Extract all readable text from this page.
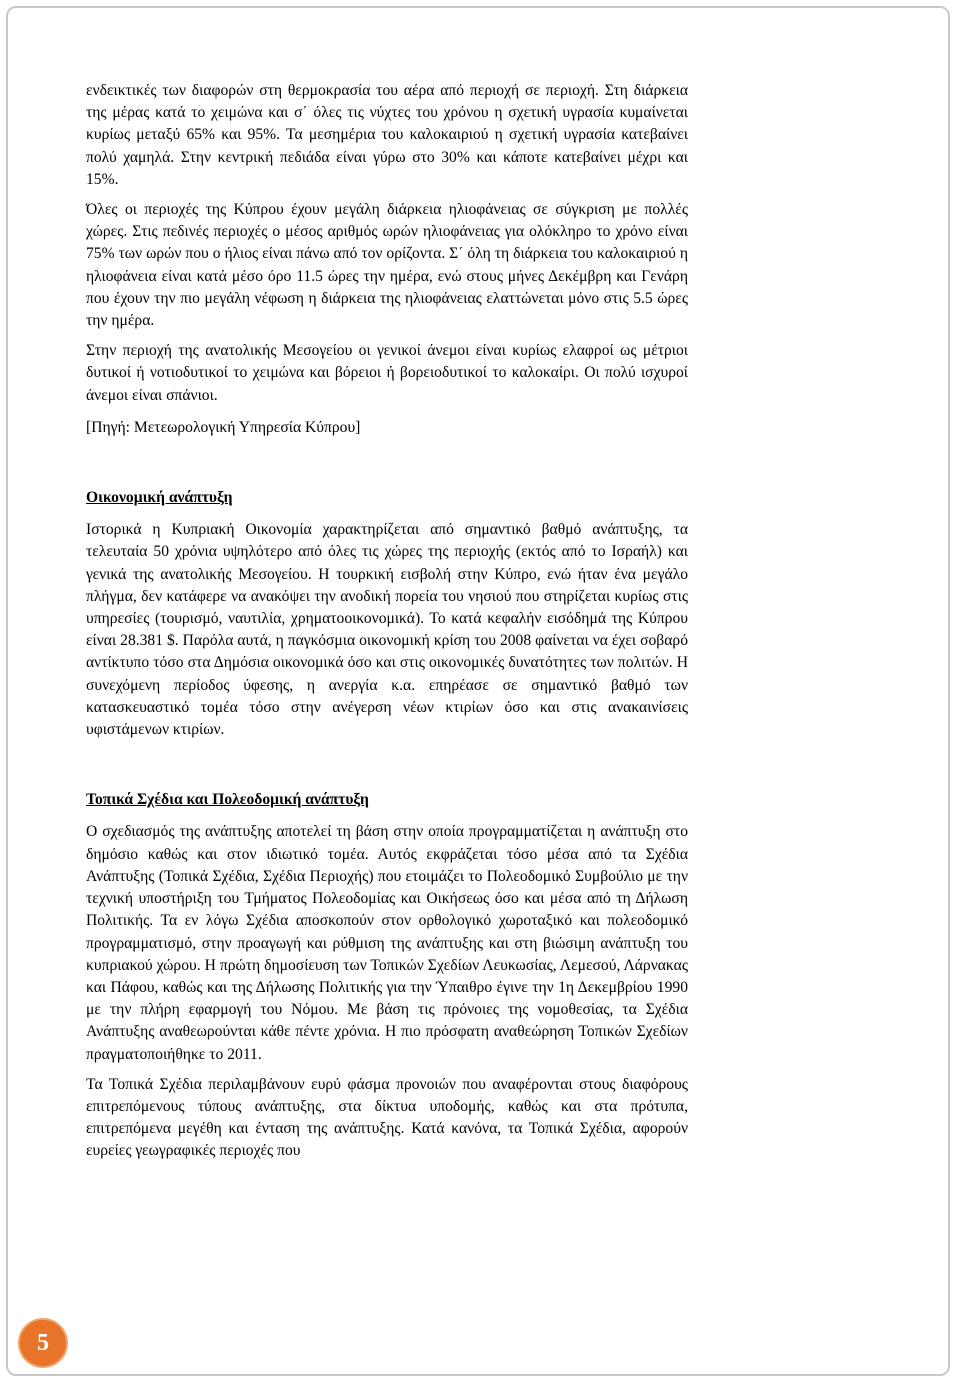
ενδεικτικές των διαφορών στη θερμοκρασία του αέρα από περιοχή σε περιοχή. Στη διάρκεια της μέρας κατά το χειμώνα και σ΄ όλες τις νύχτες του χρόνου η σχετική υγρασία κυμαίνεται κυρίως μεταξύ 65% και 95%. Τα μεσημέρια του καλοκαιριού η σχετική υγρασία κατεβαίνει πολύ χαμηλά. Στην κεντρική πεδιάδα είναι γύρω στο 30% και κάποτε κατεβαίνει μέχρι και 15%.

Όλες οι περιοχές της Κύπρου έχουν μεγάλη διάρκεια ηλιοφάνειας σε σύγκριση με πολλές χώρες. Στις πεδινές περιοχές ο μέσος αριθμός ωρών ηλιοφάνειας για ολόκληρο το χρόνο είναι 75% των ωρών που ο ήλιος είναι πάνω από τον ορίζοντα. Σ΄ όλη τη διάρκεια του καλοκαιριού η ηλιοφάνεια είναι κατά μέσο όρο 11.5 ώρες την ημέρα, ενώ στους μήνες Δεκέμβρη και Γενάρη που έχουν την πιο μεγάλη νέφωση η διάρκεια της ηλιοφάνειας ελαττώνεται μόνο στις 5.5 ώρες την ημέρα.

Στην περιοχή της ανατολικής Μεσογείου οι γενικοί άνεμοι είναι κυρίως ελαφροί ως μέτριοι δυτικοί ή νοτιοδυτικοί το χειμώνα και βόρειοι ή βορειοδυτικοί το καλοκαίρι. Οι πολύ ισχυροί άνεμοι είναι σπάνιοι.

[Πηγή: Μετεωρολογική Υπηρεσία Κύπρου]

Οικονομική ανάπτυξη

Ιστορικά η Κυπριακή Οικονομία χαρακτηρίζεται από σημαντικό βαθμό ανάπτυξης, τα τελευταία 50 χρόνια υψηλότερο από όλες τις χώρες της περιοχής (εκτός από το Ισραήλ) και γενικά της ανατολικής Μεσογείου. Η τουρκική εισβολή στην Κύπρο, ενώ ήταν ένα μεγάλο πλήγμα, δεν κατάφερε να ανακόψει την ανοδική πορεία του νησιού που στηρίζεται κυρίως στις υπηρεσίες (τουρισμό, ναυτιλία, χρηματοοικονομικά). Το κατά κεφαλήν εισόδημά της Κύπρου είναι 28.381 $. Παρόλα αυτά, η παγκόσμια οικονομική κρίση του 2008 φαίνεται να έχει σοβαρό αντίκτυπο τόσο στα Δημόσια οικονομικά όσο και στις οικονομικές δυνατότητες των πολιτών. Η συνεχόμενη περίοδος ύφεσης, η ανεργία κ.α. επηρέασε σε σημαντικό βαθμό των κατασκευαστικό τομέα τόσο στην ανέγερση νέων κτιρίων όσο και στις ανακαινίσεις υφιστάμενων κτιρίων.

Τοπικά Σχέδια και Πολεοδομική ανάπτυξη

Ο σχεδιασμός της ανάπτυξης αποτελεί τη βάση στην οποία προγραμματίζεται η ανάπτυξη στο δημόσιο καθώς και στον ιδιωτικό τομέα. Αυτός εκφράζεται τόσο μέσα από τα Σχέδια Ανάπτυξης (Τοπικά Σχέδια, Σχέδια Περιοχής) που ετοιμάζει το Πολεοδομικό Συμβούλιο με την τεχνική υποστήριξη του Τμήματος Πολεοδομίας και Οικήσεως όσο και μέσα από τη Δήλωση Πολιτικής. Τα εν λόγω Σχέδια αποσκοπούν στον ορθολογικό χωροταξικό και πολεοδομικό προγραμματισμό, στην προαγωγή και ρύθμιση της ανάπτυξης και στη βιώσιμη ανάπτυξη του κυπριακού χώρου. Η πρώτη δημοσίευση των Τοπικών Σχεδίων Λευκωσίας, Λεμεσού, Λάρνακας και Πάφου, καθώς και της Δήλωσης Πολιτικής για την Ύπαιθρο έγινε την 1η Δεκεμβρίου 1990 με την πλήρη εφαρμογή του Νόμου. Με βάση τις πρόνοιες της νομοθεσίας, τα Σχέδια Ανάπτυξης αναθεωρούνται κάθε πέντε χρόνια. Η πιο πρόσφατη αναθεώρηση Τοπικών Σχεδίων πραγματοποιήθηκε το 2011.

Τα Τοπικά Σχέδια περιλαμβάνουν ευρύ φάσμα προνοιών που αναφέρονται στους διαφόρους επιτρεπόμενους τύπους ανάπτυξης, στα δίκτυα υποδομής, καθώς και στα πρότυπα, επιτρεπόμενα μεγέθη και ένταση της ανάπτυξης. Κατά κανόνα, τα Τοπικά Σχέδια, αφορούν ευρείες γεωγραφικές περιοχές που

5
